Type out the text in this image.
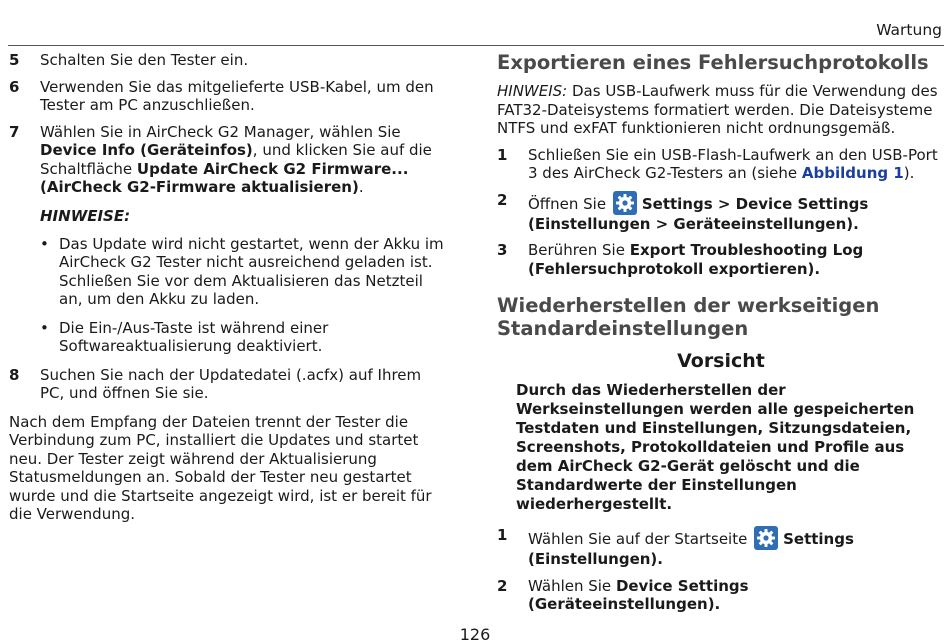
Wartung
5	Schalten Sie den Tester ein.
6	Verwenden Sie das mitgelieferte USB-Kabel, um den Tester am PC anzuschließen.
7	Wählen Sie in AirCheck G2 Manager, wählen Sie Device Info (Geräteinfos), und klicken Sie auf die Schaltfläche Update AirCheck G2 Firmware... (AirCheck G2-Firmware aktualisieren).
HINWEISE:
• Das Update wird nicht gestartet, wenn der Akku im AirCheck G2 Tester nicht ausreichend geladen ist. Schließen Sie vor dem Aktualisieren das Netzteil an, um den Akku zu laden.
• Die Ein-/Aus-Taste ist während einer Softwareaktualisierung deaktiviert.
8	Suchen Sie nach der Updatedatei (.acfx) auf Ihrem PC, und öffnen Sie sie.
Nach dem Empfang der Dateien trennt der Tester die Verbindung zum PC, installiert die Updates und startet neu. Der Tester zeigt während der Aktualisierung Statusmeldungen an. Sobald der Tester neu gestartet wurde und die Startseite angezeigt wird, ist er bereit für die Verwendung.
Exportieren eines Fehlersuchprotokolls
HINWEIS: Das USB-Laufwerk muss für die Verwendung des FAT32-Dateisystems formatiert werden. Die Dateisysteme NTFS und exFAT funktionieren nicht ordnungsgemäß.
1	Schließen Sie ein USB-Flash-Laufwerk an den USB-Port 3 des AirCheck G2-Testers an (siehe Abbildung 1).
2	Öffnen Sie Settings > Device Settings (Einstellungen > Geräteeinstellungen).
3	Berühren Sie Export Troubleshooting Log (Fehlersuchprotokoll exportieren).
Wiederherstellen der werkseitigen Standardeinstellungen
Vorsicht
Durch das Wiederherstellen der Werkseinstellungen werden alle gespeicherten Testdaten und Einstellungen, Sitzungsdateien, Screenshots, Protokolldateien und Profile aus dem AirCheck G2-Gerät gelöscht und die Standardwerte der Einstellungen wiederhergestellt.
1	Wählen Sie auf der Startseite Settings (Einstellungen).
2	Wählen Sie Device Settings (Geräteeinstellungen).
126
